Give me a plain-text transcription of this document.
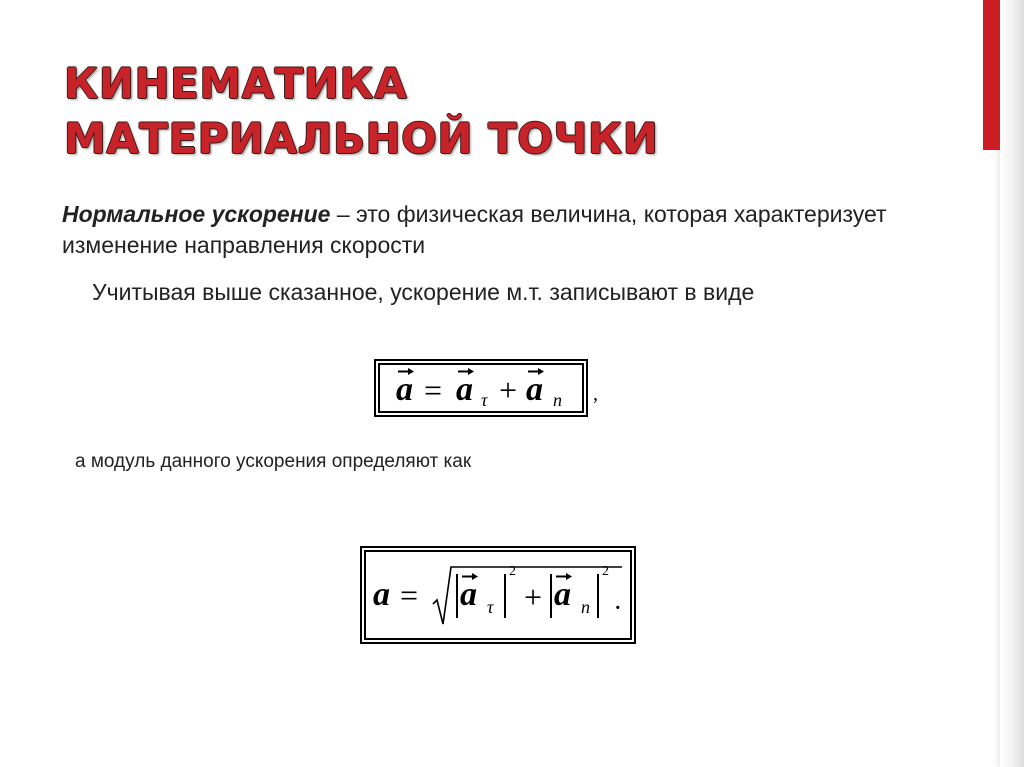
КИНЕМАТИКА
МАТЕРИАЛЬНОЙ ТОЧКИ

Нормальное ускорение – это физическая величина, которая характеризует изменение направления скорости

Учитывая выше сказанное, ускорение м.т. записывают в виде

a = a τ + a n ,

а модуль данного ускорения определяют как

a = a τ
2
+ a n
2
.
